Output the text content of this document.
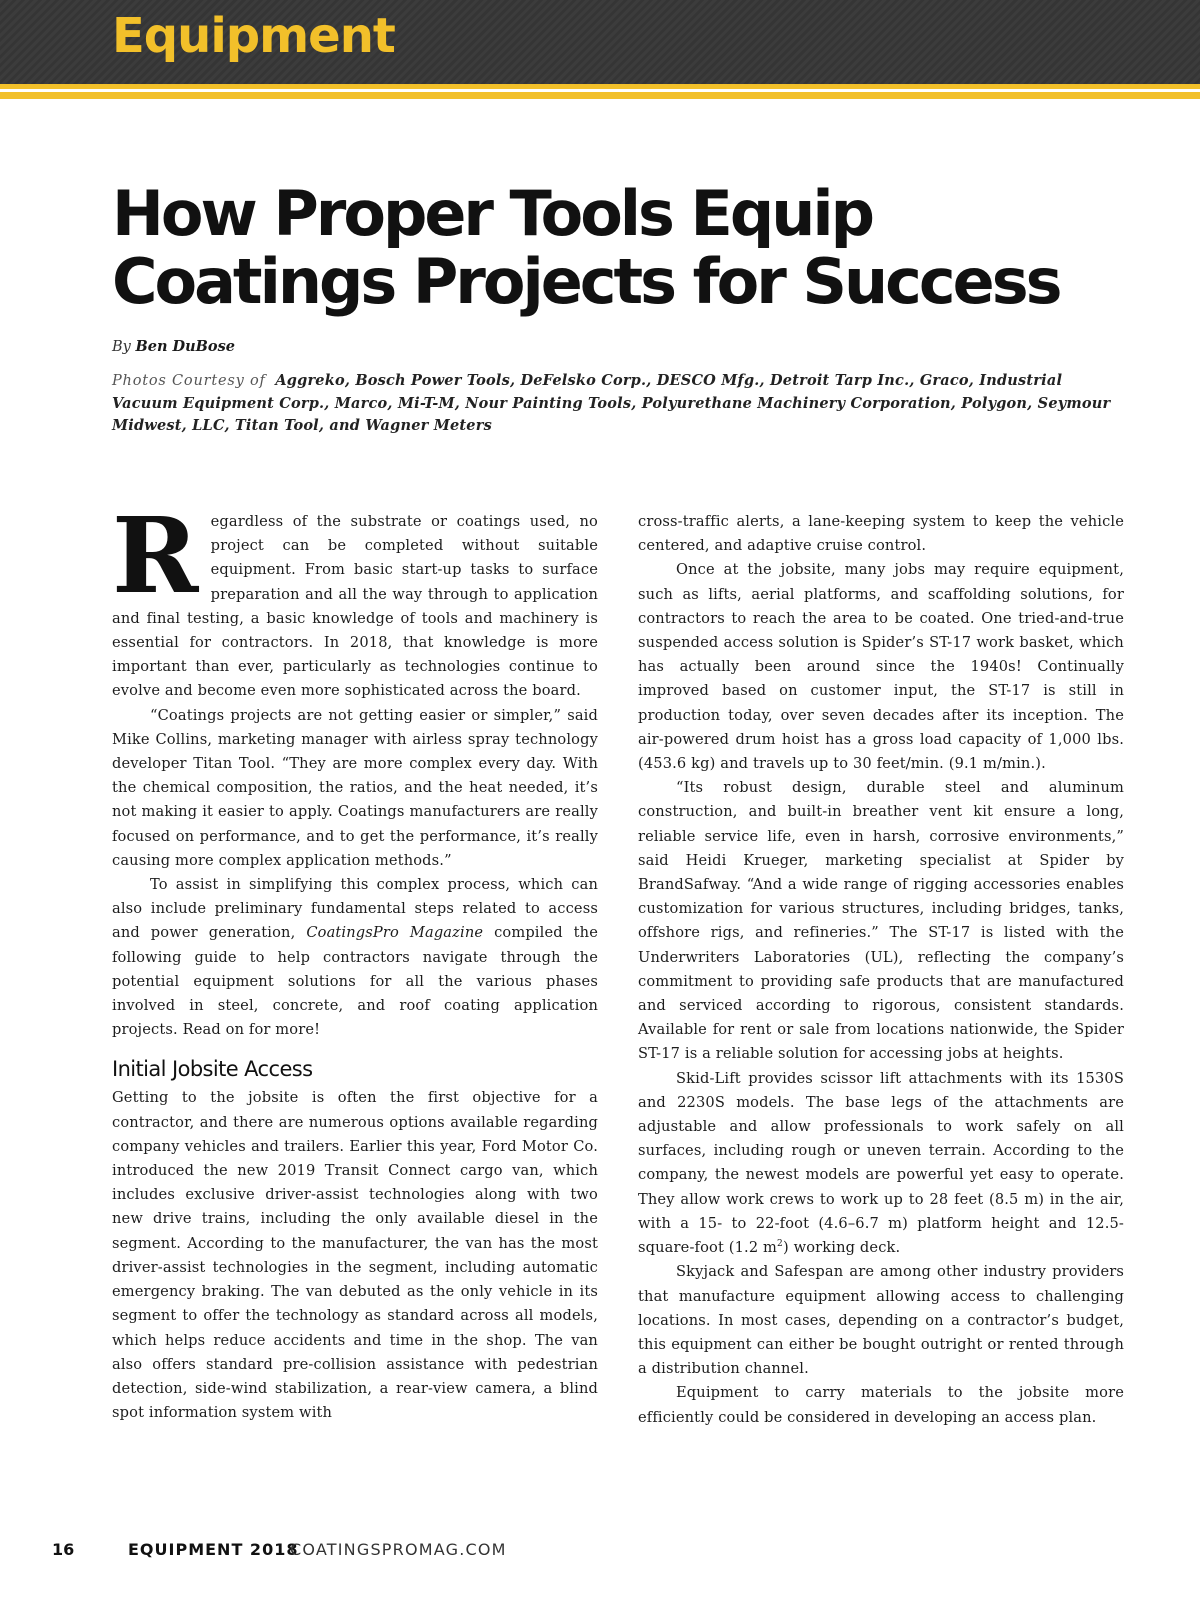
Equipment
How Proper Tools Equip Coatings Projects for Success
By Ben DuBose
Photos Courtesy of Aggreko, Bosch Power Tools, DeFelsko Corp., DESCO Mfg., Detroit Tarp Inc., Graco, Industrial Vacuum Equipment Corp., Marco, Mi-T-M, Nour Painting Tools, Polyurethane Machinery Corporation, Polygon, Seymour Midwest, LLC, Titan Tool, and Wagner Meters

Regardless of the substrate or coatings used, no project can be completed without suitable equipment. From basic start-up tasks to surface preparation and all the way through to application and final testing, a basic knowledge of tools and machinery is essential for contractors. In 2018, that knowledge is more important than ever, particularly as technologies continue to evolve and become even more sophisticated across the board.

“Coatings projects are not getting easier or simpler,” said Mike Collins, marketing manager with airless spray technology developer Titan Tool. “They are more complex every day. With the chemical composition, the ratios, and the heat needed, it’s not making it easier to apply. Coatings manufacturers are really focused on performance, and to get the performance, it’s really causing more complex application methods.”

To assist in simplifying this complex process, which can also include preliminary fundamental steps related to access and power generation, CoatingsPro Magazine compiled the following guide to help contractors navigate through the potential equipment solutions for all the various phases involved in steel, concrete, and roof coating application projects. Read on for more!

Initial Jobsite Access

Getting to the jobsite is often the first objective for a contractor, and there are numerous options available regarding company vehicles and trailers. Earlier this year, Ford Motor Co. introduced the new 2019 Transit Connect cargo van, which includes exclusive driver-assist technologies along with two new drive trains, including the only available diesel in the segment. According to the manufacturer, the van has the most driver-assist technologies in the segment, including automatic emergency braking. The van debuted as the only vehicle in its segment to offer the technology as standard across all models, which helps reduce accidents and time in the shop. The van also offers standard pre-collision assistance with pedestrian detection, side-wind stabilization, a rear-view camera, a blind spot information system with

cross-traffic alerts, a lane-keeping system to keep the vehicle centered, and adaptive cruise control.

Once at the jobsite, many jobs may require equipment, such as lifts, aerial platforms, and scaffolding solutions, for contractors to reach the area to be coated. One tried-and-true suspended access solution is Spider’s ST-17 work basket, which has actually been around since the 1940s! Continually improved based on customer input, the ST-17 is still in production today, over seven decades after its inception. The air-powered drum hoist has a gross load capacity of 1,000 lbs. (453.6 kg) and travels up to 30 feet/min. (9.1 m/min.).

“Its robust design, durable steel and aluminum construction, and built-in breather vent kit ensure a long, reliable service life, even in harsh, corrosive environments,” said Heidi Krueger, marketing specialist at Spider by BrandSafway. “And a wide range of rigging accessories enables customization for various structures, including bridges, tanks, offshore rigs, and refineries.” The ST-17 is listed with the Underwriters Laboratories (UL), reflecting the company’s commitment to providing safe products that are manufactured and serviced according to rigorous, consistent standards. Available for rent or sale from locations nationwide, the Spider ST-17 is a reliable solution for accessing jobs at heights.

Skid-Lift provides scissor lift attachments with its 1530S and 2230S models. The base legs of the attachments are adjustable and allow professionals to work safely on all surfaces, including rough or uneven terrain. According to the company, the newest models are powerful yet easy to operate. They allow work crews to work up to 28 feet (8.5 m) in the air, with a 15- to 22-foot (4.6–6.7 m) platform height and 12.5-square-foot (1.2 $m^2$) working deck.

Skyjack and Safespan are among other industry providers that manufacture equipment allowing access to challenging locations. In most cases, depending on a contractor’s budget, this equipment can either be bought outright or rented through a distribution channel.

Equipment to carry materials to the jobsite more efficiently could be considered in developing an access plan.

16	EQUIPMENT 2018
COATINGSPROMAG.COM
